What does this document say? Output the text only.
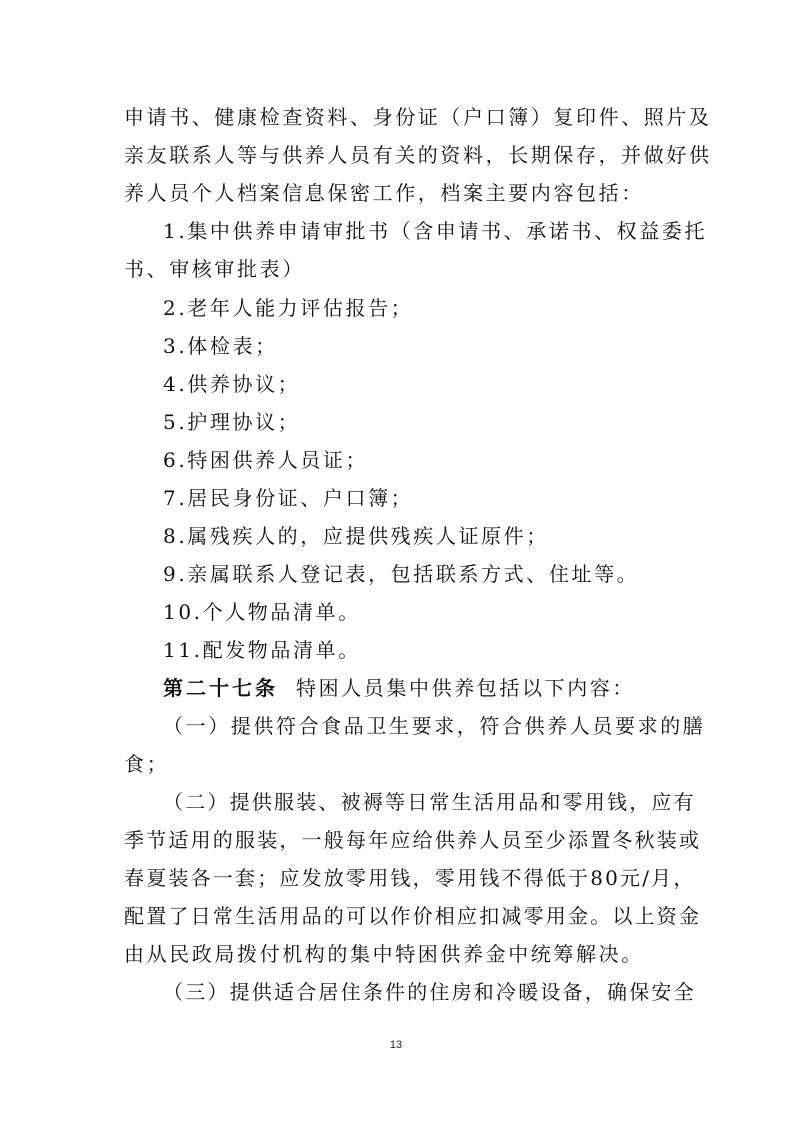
申请书、健康检查资料、身份证（户口簿）复印件、照片及
亲友联系人等与供养人员有关的资料，长期保存，并做好供
养人员个人档案信息保密工作，档案主要内容包括：
1.集中供养申请审批书（含申请书、承诺书、权益委托
书、审核审批表）
2.老年人能力评估报告；
3.体检表；
4.供养协议；
5.护理协议；
6.特困供养人员证；
7.居民身份证、户口簿；
8.属残疾人的，应提供残疾人证原件；
9.亲属联系人登记表，包括联系方式、住址等。
10.个人物品清单。
11.配发物品清单。
第二十七条 特困人员集中供养包括以下内容：
（一）提供符合食品卫生要求，符合供养人员要求的膳
食；
（二）提供服装、被褥等日常生活用品和零用钱，应有
季节适用的服装，一般每年应给供养人员至少添置冬秋装或
春夏装各一套；应发放零用钱，零用钱不得低于80元/月，
配置了日常生活用品的可以作价相应扣减零用金。以上资金
由从民政局拨付机构的集中特困供养金中统筹解决。
（三）提供适合居住条件的住房和冷暖设备，确保安全
13
